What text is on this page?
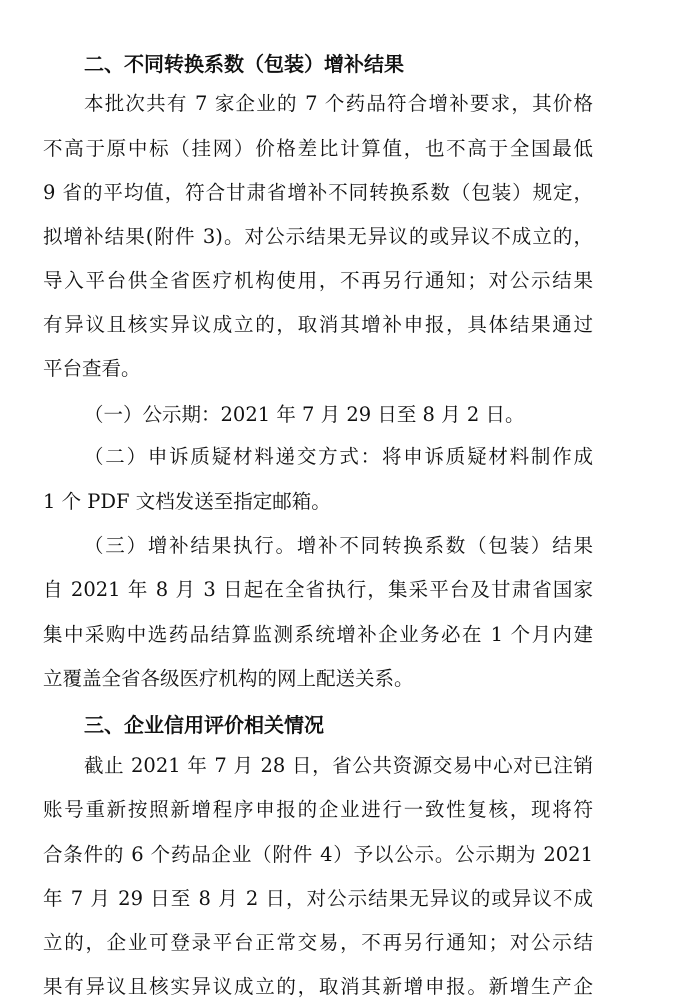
二、不同转换系数（包装）增补结果
本批次共有 7 家企业的 7 个药品符合增补要求，其价格
不高于原中标（挂网）价格差比计算值，也不高于全国最低
9 省的平均值，符合甘肃省增补不同转换系数（包装）规定，
拟增补结果(附件 3)。对公示结果无异议的或异议不成立的，
导入平台供全省医疗机构使用，不再另行通知；对公示结果
有异议且核实异议成立的，取消其增补申报，具体结果通过
平台查看。
（一）公示期：2021 年 7 月 29 日至 8 月 2 日。
（二）申诉质疑材料递交方式：将申诉质疑材料制作成
1 个 PDF 文档发送至指定邮箱。
（三）增补结果执行。增补不同转换系数（包装）结果
自 2021 年 8 月 3 日起在全省执行，集采平台及甘肃省国家
集中采购中选药品结算监测系统增补企业务必在 1 个月内建
立覆盖全省各级医疗机构的网上配送关系。
三、企业信用评价相关情况
截止 2021 年 7 月 28 日，省公共资源交易中心对已注销
账号重新按照新增程序申报的企业进行一致性复核，现将符
合条件的 6 个药品企业（附件 4）予以公示。公示期为 2021
年 7 月 29 日至 8 月 2 日，对公示结果无异议的或异议不成
立的，企业可登录平台正常交易，不再另行通知；对公示结
果有异议且核实异议成立的，取消其新增申报。新增生产企
